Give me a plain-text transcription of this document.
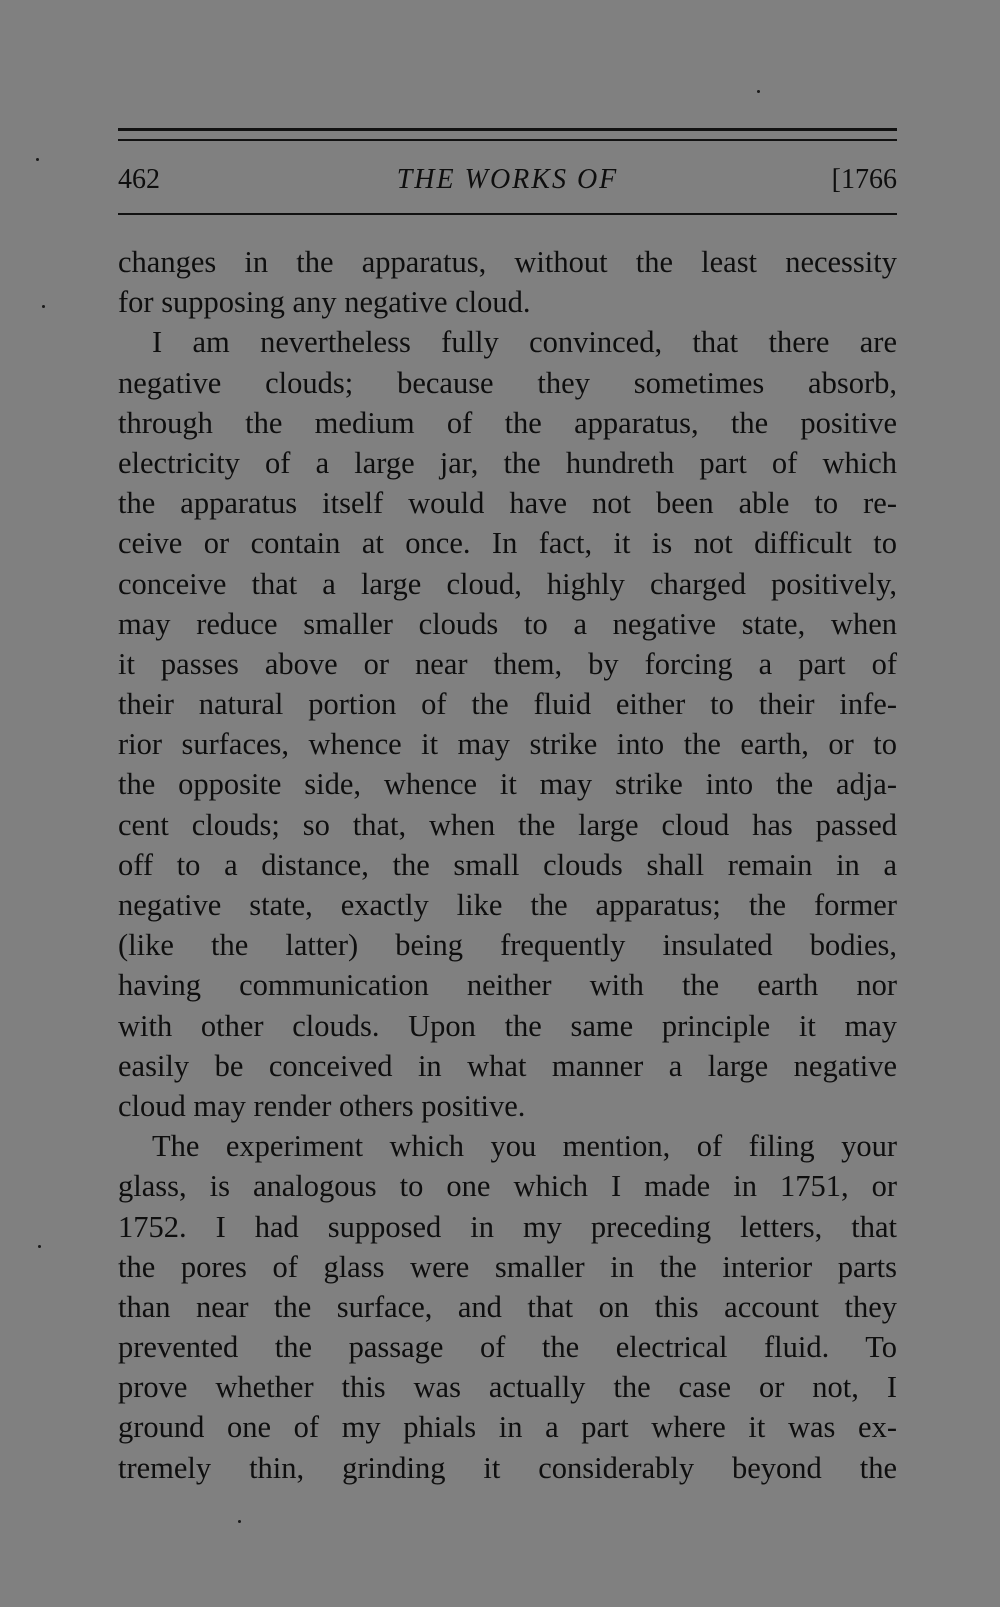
462	THE WORKS OF	[1766
changes in the apparatus, without the least necessity
for supposing any negative cloud.
I am nevertheless fully convinced, that there are
negative clouds; because they sometimes absorb,
through the medium of the apparatus, the positive
electricity of a large jar, the hundreth part of which
the apparatus itself would have not been able to re-
ceive or contain at once. In fact, it is not difficult to
conceive that a large cloud, highly charged positively,
may reduce smaller clouds to a negative state, when
it passes above or near them, by forcing a part of
their natural portion of the fluid either to their infe-
rior surfaces, whence it may strike into the earth, or to
the opposite side, whence it may strike into the adja-
cent clouds; so that, when the large cloud has passed
off to a distance, the small clouds shall remain in a
negative state, exactly like the apparatus; the former
(like the latter) being frequently insulated bodies,
having communication neither with the earth nor
with other clouds. Upon the same principle it may
easily be conceived in what manner a large negative
cloud may render others positive.
The experiment which you mention, of filing your
glass, is analogous to one which I made in 1751, or
1752. I had supposed in my preceding letters, that
the pores of glass were smaller in the interior parts
than near the surface, and that on this account they
prevented the passage of the electrical fluid. To
prove whether this was actually the case or not, I
ground one of my phials in a part where it was ex-
tremely thin, grinding it considerably beyond the
